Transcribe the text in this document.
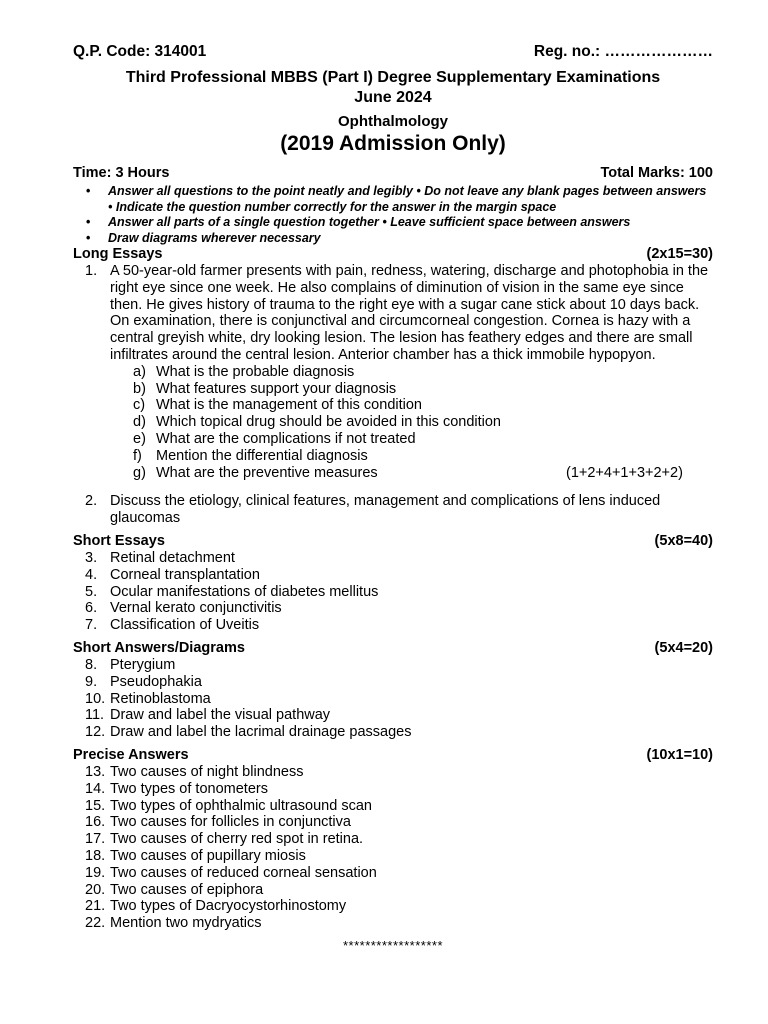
Q.P. Code: 314001	Reg. no.: …………………
Third Professional MBBS (Part I) Degree Supplementary Examinations
June 2024
Ophthalmology
(2019 Admission Only)
Time: 3 Hours	Total Marks: 100
• Answer all questions to the point neatly and legibly • Do not leave any blank pages between answers • Indicate the question number correctly for the answer in the margin space
• Answer all parts of a single question together • Leave sufficient space between answers
• Draw diagrams wherever necessary
Long Essays	(2x15=30)
1. A 50-year-old farmer presents with pain, redness, watering, discharge and photophobia in the right eye since one week. He also complains of diminution of vision in the same eye since then. He gives history of trauma to the right eye with a sugar cane stick about 10 days back. On examination, there is conjunctival and circumcorneal congestion. Cornea is hazy with a central greyish white, dry looking lesion. The lesion has feathery edges and there are small infiltrates around the central lesion. Anterior chamber has a thick immobile hypopyon.
a) What is the probable diagnosis
b) What features support your diagnosis
c) What is the management of this condition
d) Which topical drug should be avoided in this condition
e) What are the complications if not treated
f) Mention the differential diagnosis
g) What are the preventive measures	(1+2+4+1+3+2+2)
2. Discuss the etiology, clinical features, management and complications of lens induced glaucomas
Short Essays	(5x8=40)
3. Retinal detachment
4. Corneal transplantation
5. Ocular manifestations of diabetes mellitus
6. Vernal kerato conjunctivitis
7. Classification of Uveitis
Short Answers/Diagrams	(5x4=20)
8. Pterygium
9. Pseudophakia
10. Retinoblastoma
11. Draw and label the visual pathway
12. Draw and label the lacrimal drainage passages
Precise Answers	(10x1=10)
13. Two causes of night blindness
14. Two types of tonometers
15. Two types of ophthalmic ultrasound scan
16. Two causes for follicles in conjunctiva
17. Two causes of cherry red spot in retina.
18. Two causes of pupillary miosis
19. Two causes of reduced corneal sensation
20. Two causes of epiphora
21. Two types of Dacryocystorhinostomy
22. Mention two mydryatics
******************
